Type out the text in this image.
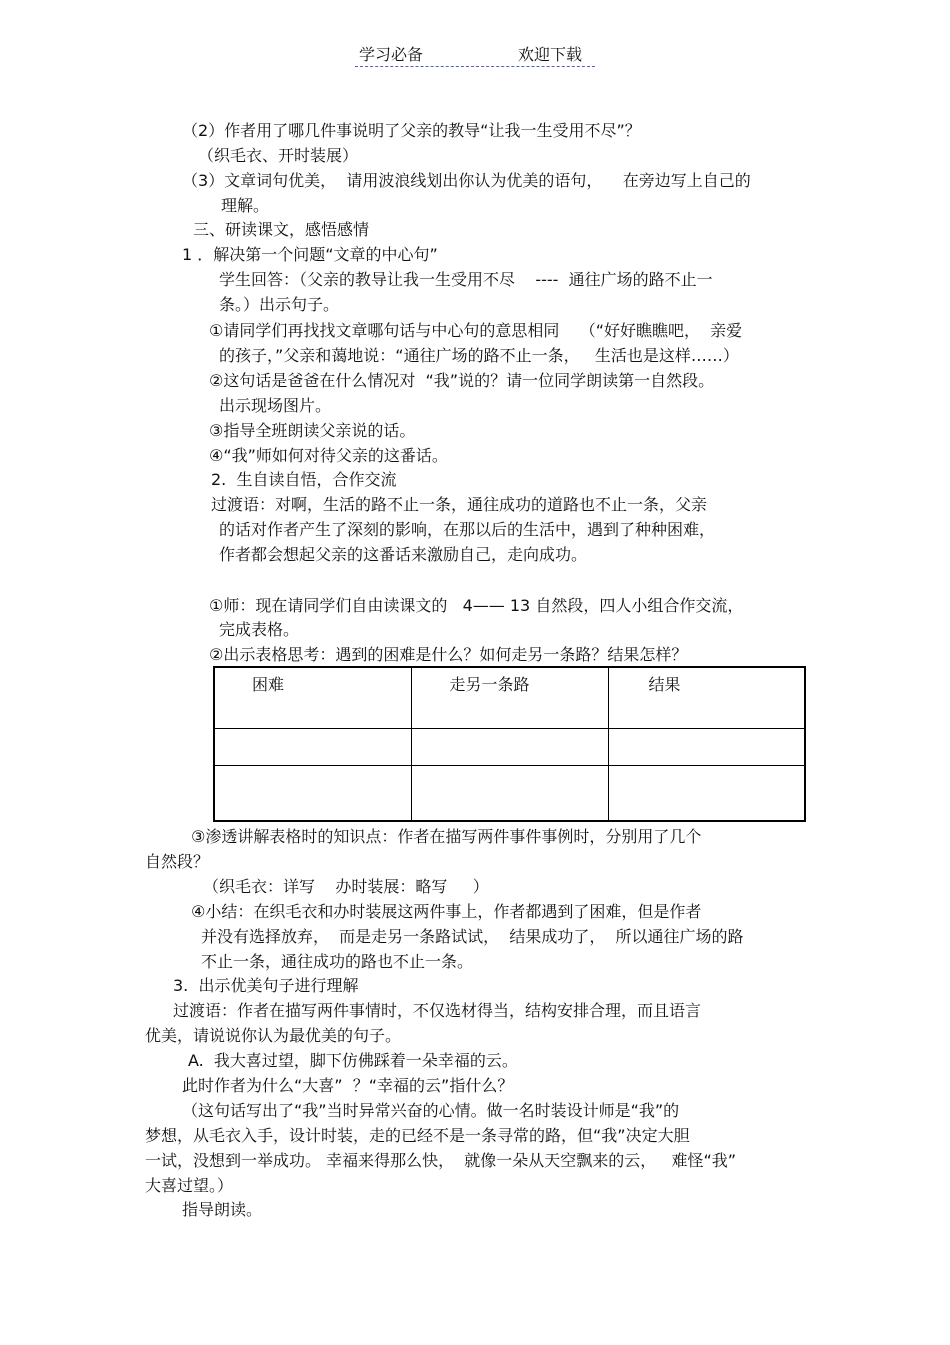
学习必备	欢迎下载
（2）作者用了哪几件事说明了父亲的教导“让我一生受用不尽”？
（织毛衣、开时装展）
（3）文章词句优美，  请用波浪线划出你认为优美的语句，    在旁边写上自己的
理解。
三、研读课文，感悟感情
1 ．解决第一个问题“文章的中心句”
学生回答：（父亲的教导让我一生受用不尽    ----  通往广场的路不止一
条。）出示句子。
①请同学们再找找文章哪句话与中心句的意思相同    （“好好瞧瞧吧，  亲爱
的孩子，”父亲和蔼地说：“通往广场的路不止一条，   生活也是这样……）
②这句话是爸爸在什么情况对  “我”说的？请一位同学朗读第一自然段。
出示现场图片。
③指导全班朗读父亲说的话。
④“我”师如何对待父亲的这番话。
2.  生自读自悟，合作交流
过渡语：对啊，生活的路不止一条，通往成功的道路也不止一条，父亲
的话对作者产生了深刻的影响，在那以后的生活中，遇到了种种困难，
作者都会想起父亲的这番话来激励自己，走向成功。
①师：现在请同学们自由读课文的   4—— 13 自然段，四人小组合作交流，
完成表格。
②出示表格思考：遇到的困难是什么？如何走另一条路？结果怎样？
困难	走另一条路	结果

③渗透讲解表格时的知识点：作者在描写两件事件事例时，分别用了几个
自然段？
（织毛衣：详写    办时装展：略写     ）
④小结：在织毛衣和办时装展这两件事上，作者都遇到了困难，但是作者
并没有选择放弃，  而是走另一条路试试，  结果成功了，  所以通往广场的路
不止一条，通往成功的路也不止一条。
3.  出示优美句子进行理解
过渡语：作者在描写两件事情时，不仅选材得当，结构安排合理，而且语言
优美，请说说你认为最优美的句子。
A.  我大喜过望，脚下仿佛踩着一朵幸福的云。
此时作者为什么“大喜”  ？“幸福的云”指什么？
（这句话写出了“我”当时异常兴奋的心情。做一名时装设计师是“我”的
梦想，从毛衣入手，设计时装，走的已经不是一条寻常的路，但“我”决定大胆
一试，没想到一举成功。 幸福来得那么快，  就像一朵从天空飘来的云，   难怪“我”
大喜过望。）
指导朗读。
